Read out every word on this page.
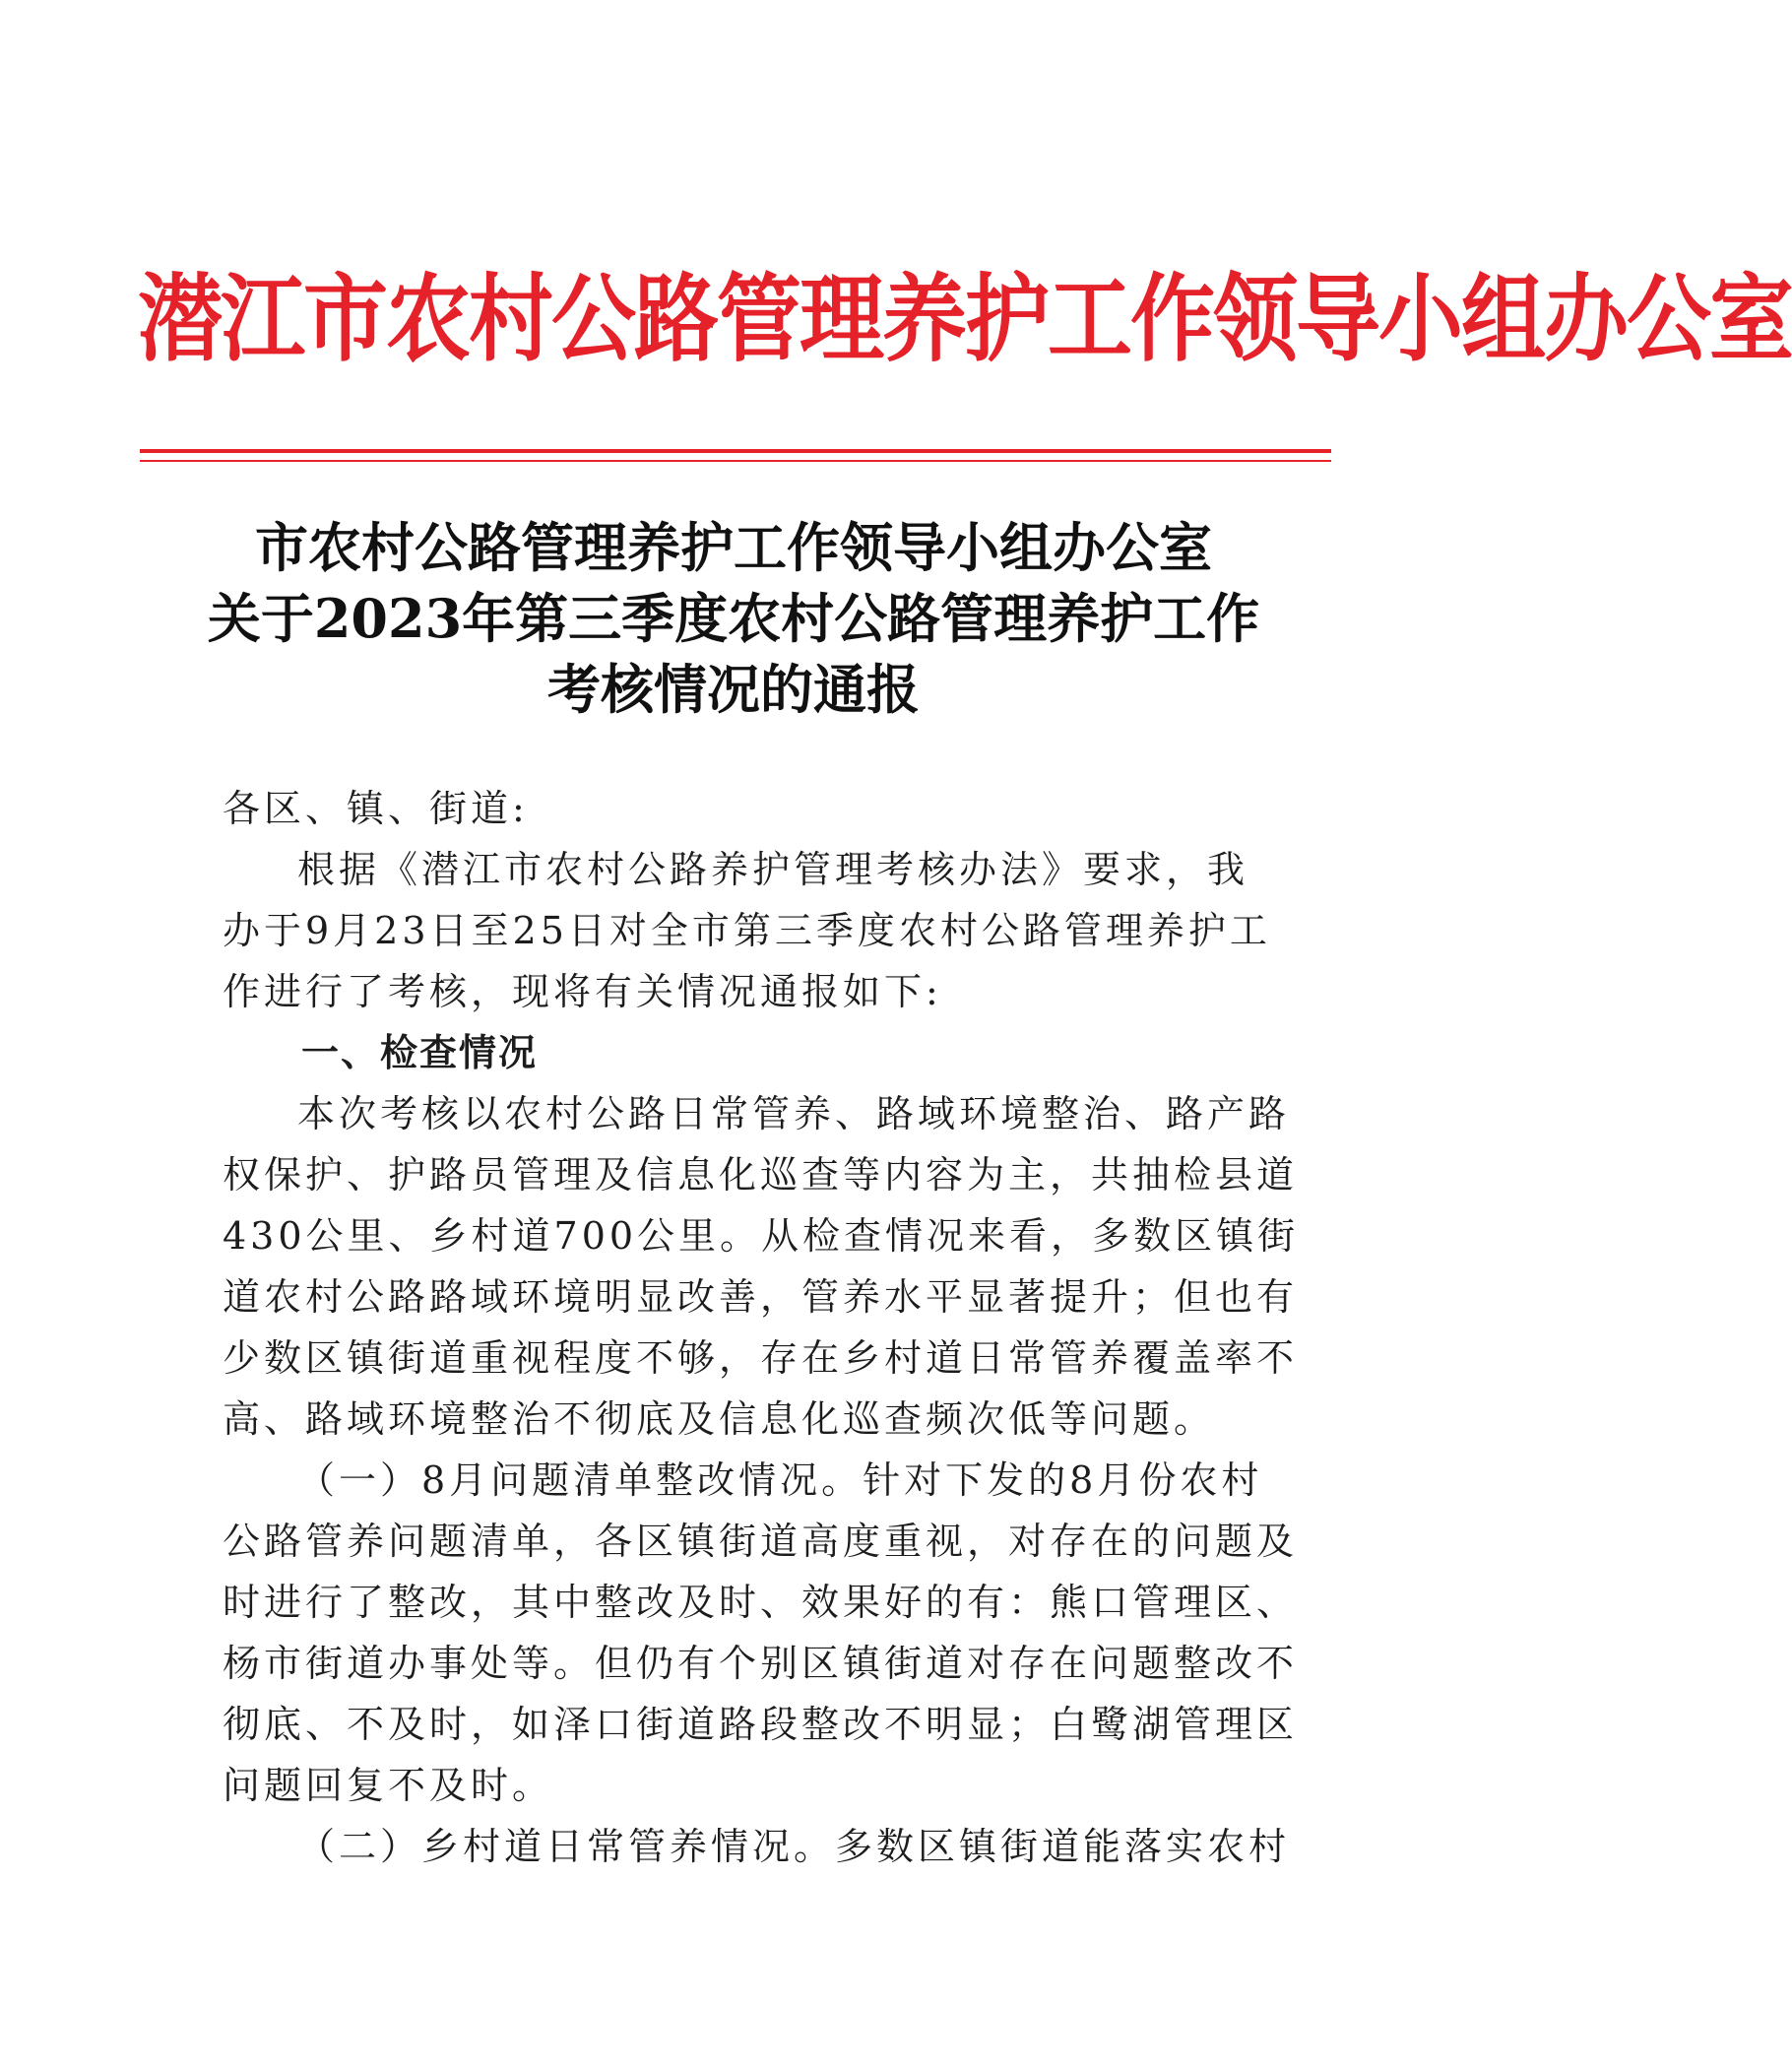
潜江市农村公路管理养护工作领导小组办公室
市农村公路管理养护工作领导小组办公室
关于2023年第三季度农村公路管理养护工作
考核情况的通报

各区、镇、街道:

根据《潜江市农村公路养护管理考核办法》要求，我

办于9月23日至25日对全市第三季度农村公路管理养护工

作进行了考核，现将有关情况通报如下:

一、检查情况

本次考核以农村公路日常管养、路域环境整治、路产路

权保护、护路员管理及信息化巡查等内容为主，共抽检县道

430公里、乡村道700公里。从检查情况来看，多数区镇街

道农村公路路域环境明显改善，管养水平显著提升；但也有

少数区镇街道重视程度不够，存在乡村道日常管养覆盖率不

高、路域环境整治不彻底及信息化巡查频次低等问题。

（一）8月问题清单整改情况。针对下发的8月份农村

公路管养问题清单，各区镇街道高度重视，对存在的问题及

时进行了整改，其中整改及时、效果好的有：熊口管理区、

杨市街道办事处等。但仍有个别区镇街道对存在问题整改不

彻底、不及时，如泽口街道路段整改不明显；白鹭湖管理区

问题回复不及时。

（二）乡村道日常管养情况。多数区镇街道能落实农村
